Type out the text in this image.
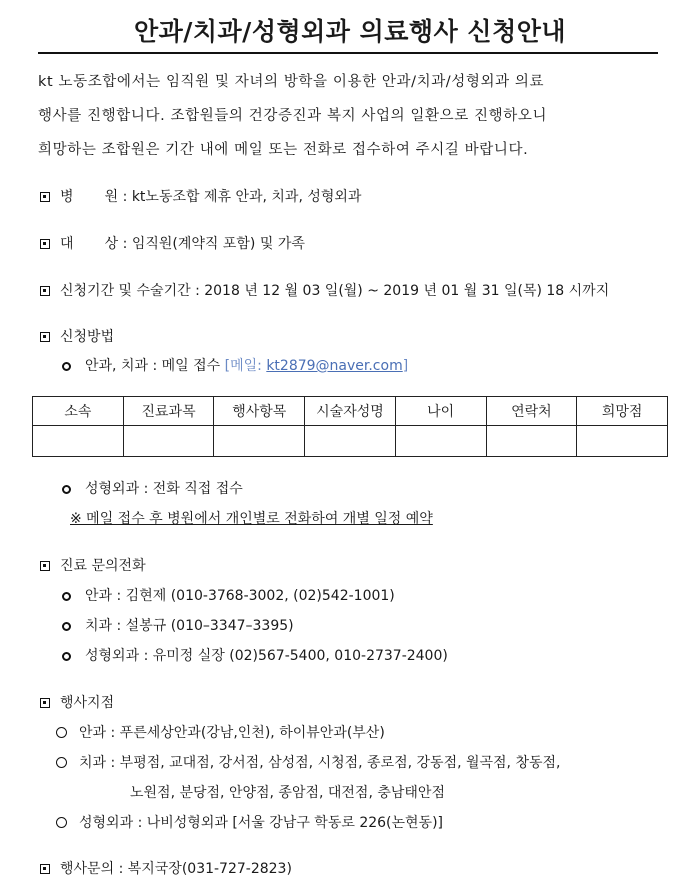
안과/치과/성형외과 의료행사 신청안내
kt 노동조합에서는 임직원 및 자녀의 방학을 이용한 안과/치과/성형외과 의료
행사를 진행합니다. 조합원들의 건강증진과 복지 사업의 일환으로 진행하오니
희망하는 조합원은 기간 내에 메일 또는 전화로 접수하여 주시길 바랍니다.
병       원 : kt노동조합 제휴 안과, 치과, 성형외과
대       상 : 임직원(계약직 포함) 및 가족
신청기간 및 수술기간 : 2018 년 12 월 03 일(월) ~ 2019 년 01 월 31 일(목) 18 시까지
신청방법
안과, 치과 : 메일 접수 [메일: kt2879@naver.com]
소속	진료과목	행사항목	시술자성명	나이	연락처	희망점

성형외과 : 전화 직접 접수
※ 메일 접수 후 병원에서 개인별로 전화하여 개별 일정 예약
진료 문의전화
안과 : 김현제 (010-3768-3002, (02)542-1001)
치과 : 설봉규 (010–3347–3395)
성형외과 : 유미정 실장 (02)567-5400, 010-2737-2400)
행사지점
안과 : 푸른세상안과(강남,인천), 하이뷰안과(부산)
치과 : 부평점, 교대점, 강서점, 삼성점, 시청점, 종로점, 강동점, 월곡점, 창동점,
노원점, 분당점, 안양점, 종암점, 대전점, 충남태안점
성형외과 : 나비성형외과 [서울 강남구 학동로 226(논현동)]
행사문의 : 복지국장(031-727-2823)
